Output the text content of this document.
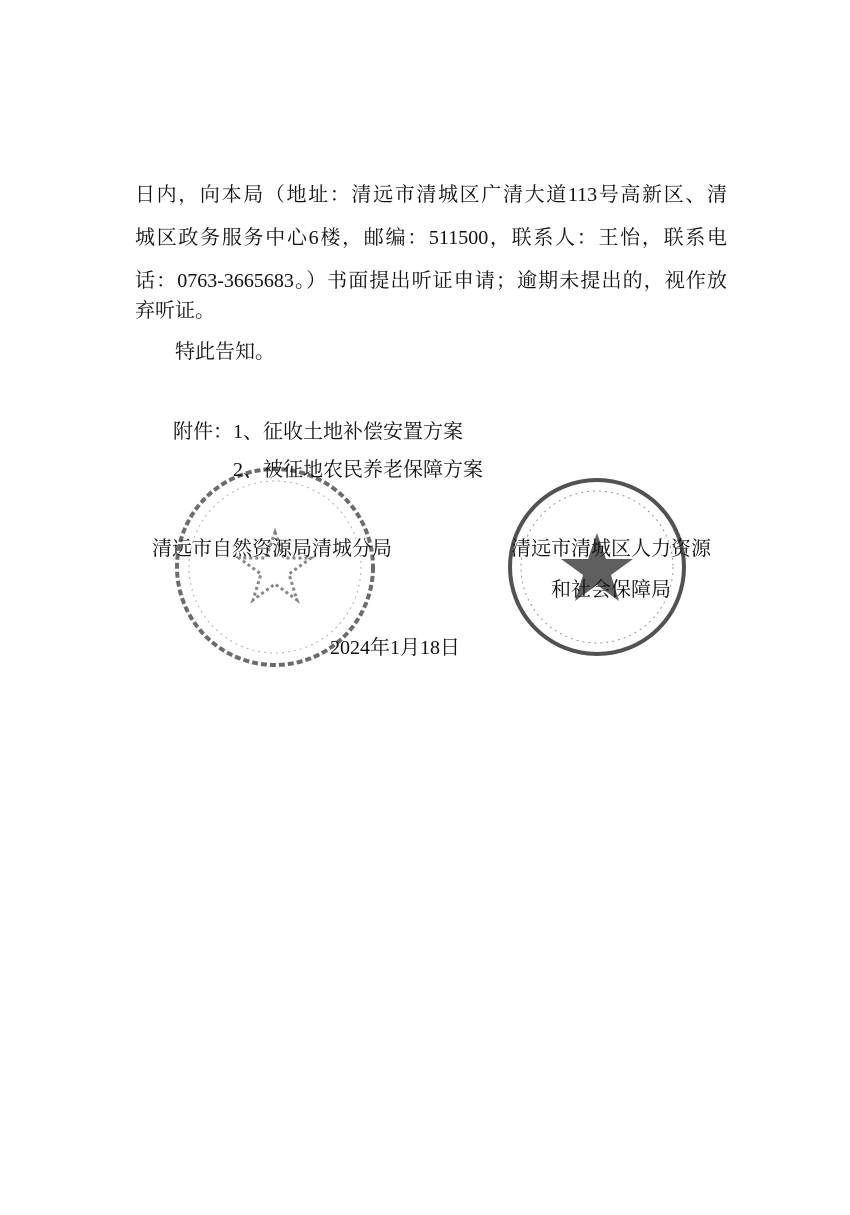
日内，向本局（地址：清远市清城区广清大道113号高新区、清
城区政务服务中心6楼，邮编：511500，联系人：王怡，联系电
话：0763-3665683。）书面提出听证申请；逾期未提出的，视作放
弃听证。
特此告知。
附件：1、征收土地补偿安置方案
2、被征地农民养老保障方案
清远市自然资源局清城分局	清远市清城区人力资源
和社会保障局
2024年1月18日
